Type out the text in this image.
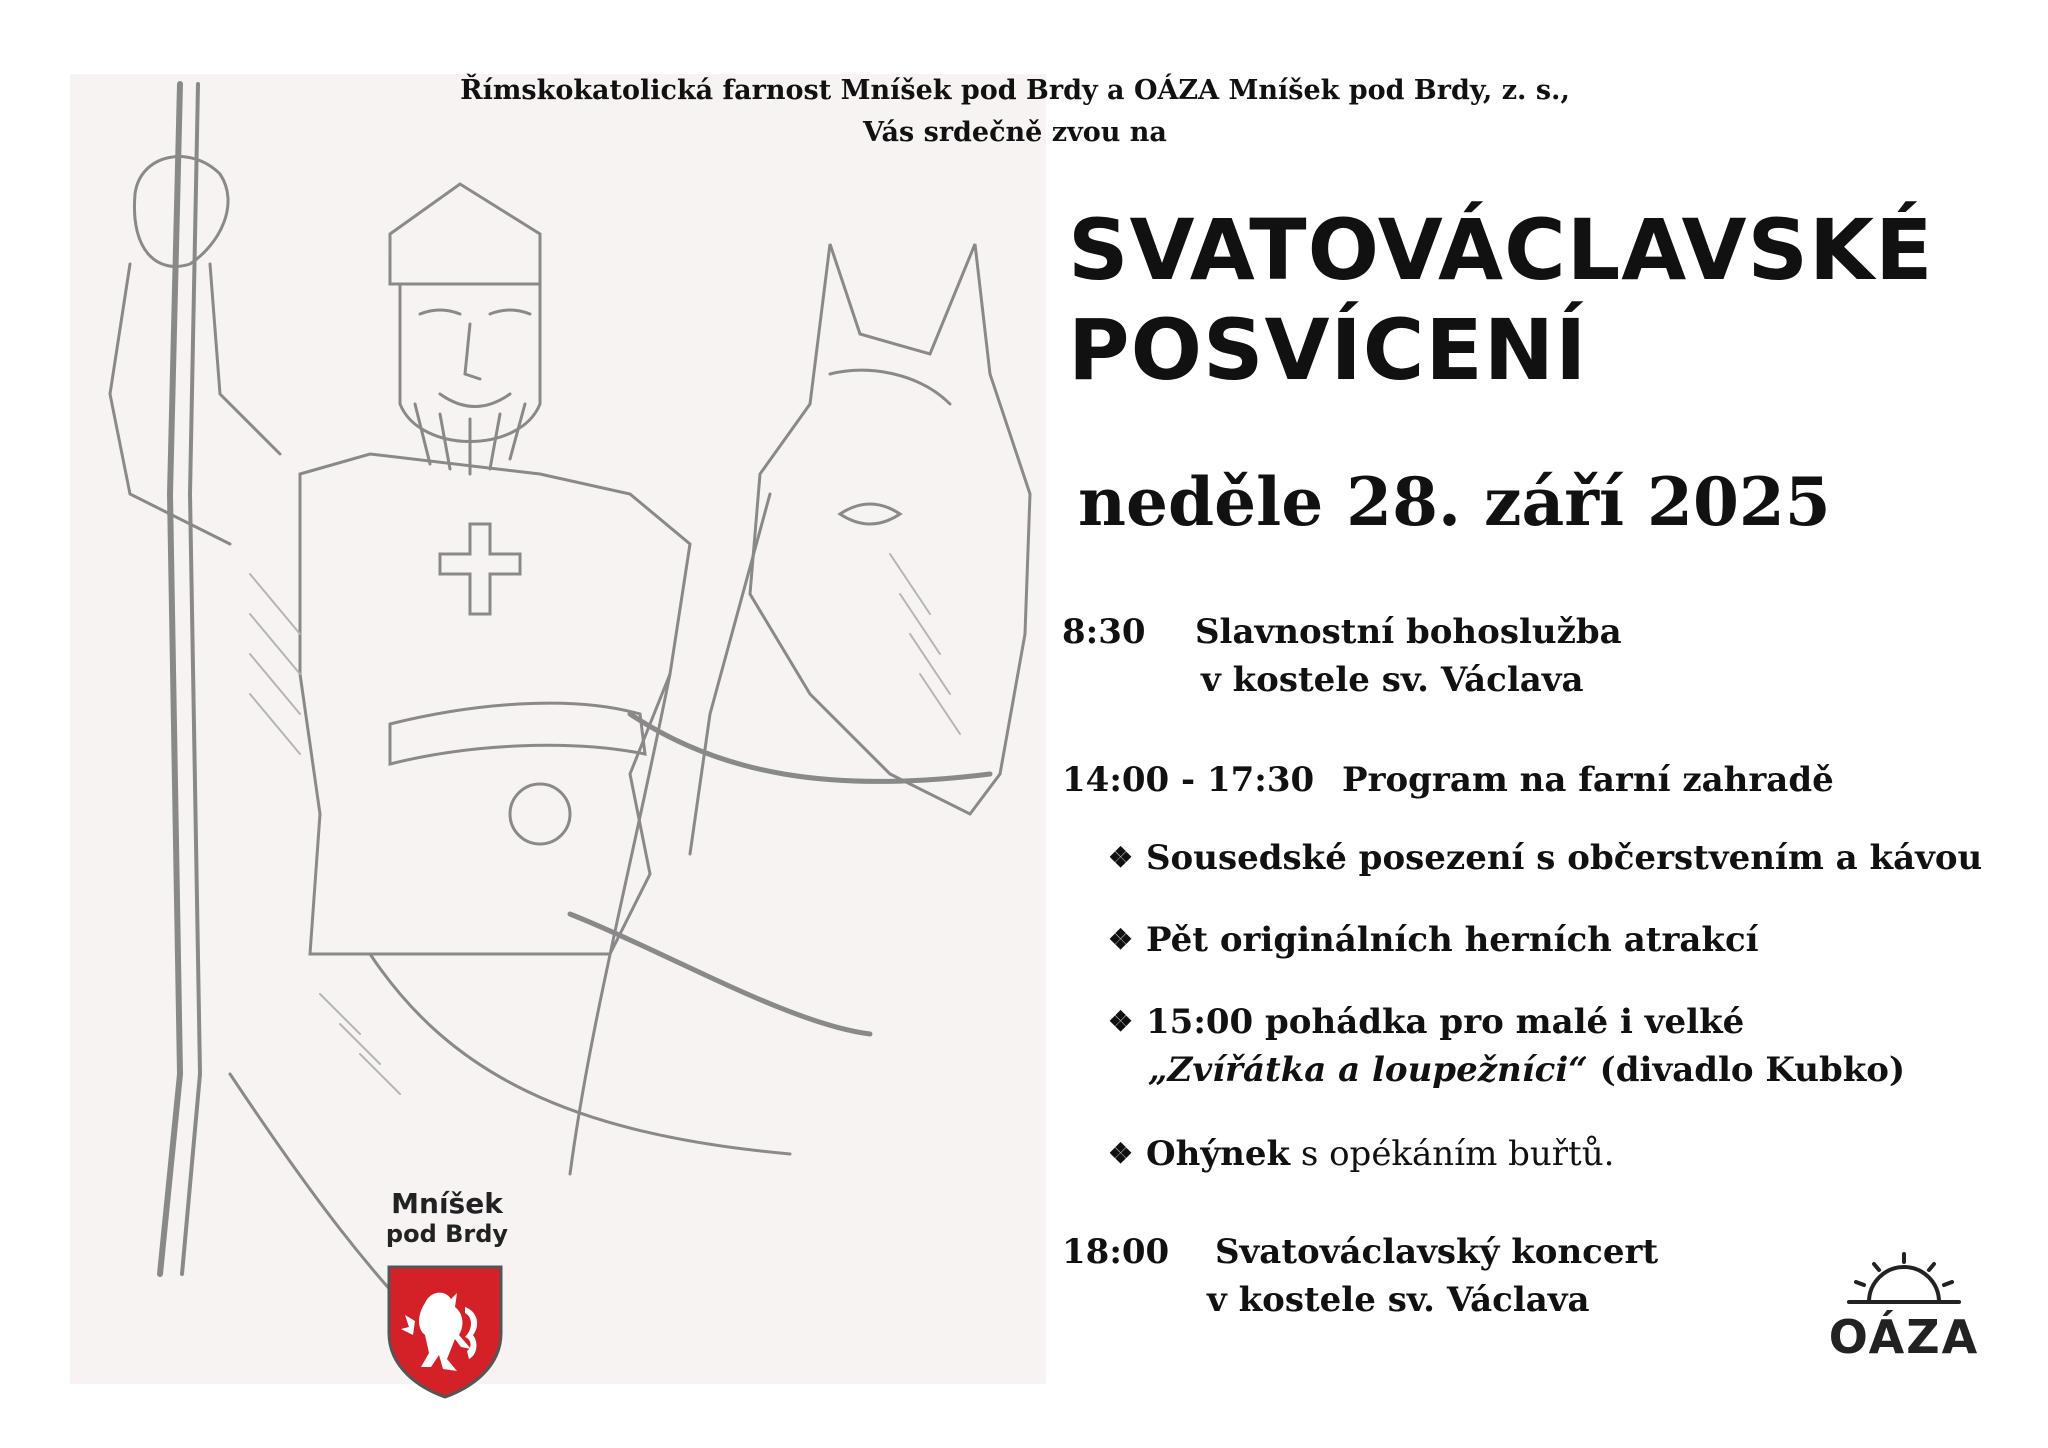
Římskokatolická farnost Mníšek pod Brdy a OÁZA Mníšek pod Brdy, z. s.,
Vás srdečně zvou na
SVATOVÁCLAVSKÉ
POSVÍCENÍ
neděle 28. září 2025
8:30 Slavnostní bohoslužba
v kostele sv. Václava
14:00 - 17:30 Program na farní zahradě
❖ Sousedské posezení s občerstvením a kávou
❖ Pět originálních herních atrakcí
❖ 15:00 pohádka pro malé i velké
„Zvířátka a loupežníci“ (divadlo Kubko)
❖ Ohýnek s opékáním buřtů.
18:00 Svatováclavský koncert
v kostele sv. Václava
Mníšek
pod Brdy
OÁZA
